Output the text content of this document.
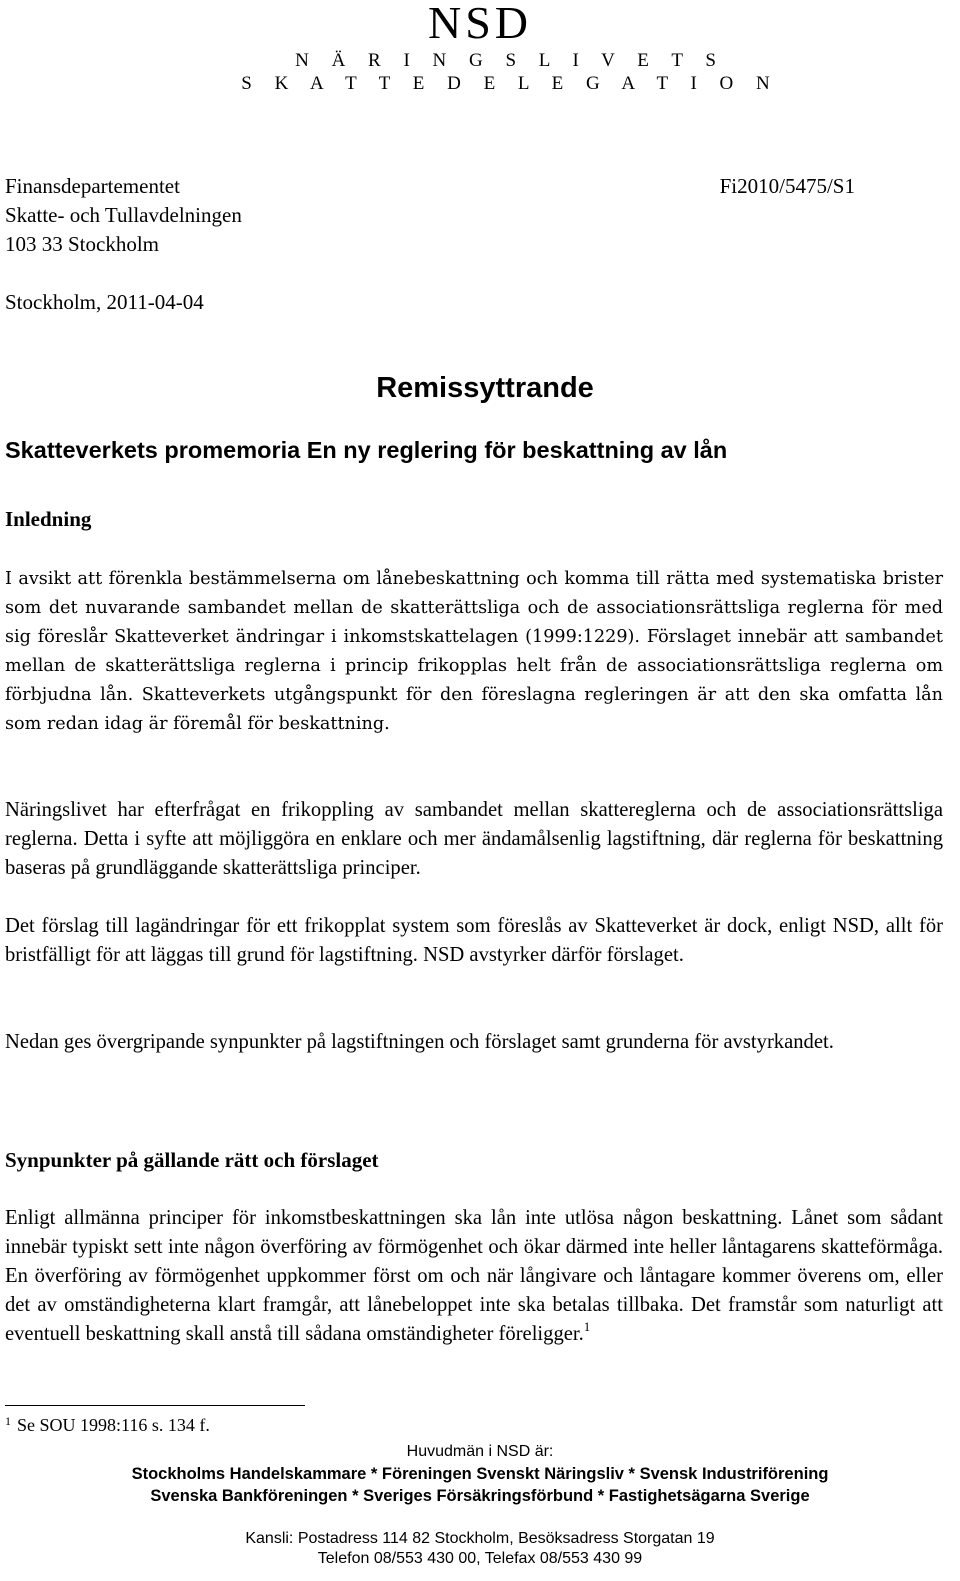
NSD
N Ä R I N G S L I V E T S
S K A T T E D E L E G A T I O N
Finansdepartementet
Skatte- och Tullavdelningen
103 33 Stockholm
Fi2010/5475/S1
Stockholm, 2011-04-04
Remissyttrande
Skatteverkets promemoria En ny reglering för beskattning av lån
Inledning

I avsikt att förenkla bestämmelserna om lånebeskattning och komma till rätta med systematiska brister som det nuvarande sambandet mellan de skatterättsliga och de associationsrättsliga reglerna för med sig föreslår Skatteverket ändringar i inkomstskattelagen (1999:1229). Förslaget innebär att sambandet mellan de skatterättsliga reglerna i princip frikopplas helt från de associationsrättsliga reglerna om förbjudna lån. Skatteverkets utgångspunkt för den föreslagna regleringen är att den ska omfatta lån som redan idag är föremål för beskattning.

Näringslivet har efterfrågat en frikoppling av sambandet mellan skattereglerna och de associationsrättsliga reglerna. Detta i syfte att möjliggöra en enklare och mer ändamålsenlig lagstiftning, där reglerna för beskattning baseras på grundläggande skatterättsliga principer.

Det förslag till lagändringar för ett frikopplat system som föreslås av Skatteverket är dock, enligt NSD, allt för bristfälligt för att läggas till grund för lagstiftning. NSD avstyrker därför förslaget.

Nedan ges övergripande synpunkter på lagstiftningen och förslaget samt grunderna för avstyrkandet.

Synpunkter på gällande rätt och förslaget

Enligt allmänna principer för inkomstbeskattningen ska lån inte utlösa någon beskattning. Lånet som sådant innebär typiskt sett inte någon överföring av förmögenhet och ökar därmed inte heller låntagarens skatteförmåga. En överföring av förmögenhet uppkommer först om och när långivare och låntagare kommer överens om, eller det av omständigheterna klart framgår, att lånebeloppet inte ska betalas tillbaka. Det framstår som naturligt att eventuell beskattning skall anstå till sådana omständigheter föreligger.$^1$

$^1$ Se SOU 1998:116 s. 134 f.
Huvudmän i NSD är:
Stockholms Handelskammare * Föreningen Svenskt Näringsliv * Svensk Industriförening
Svenska Bankföreningen * Sveriges Försäkringsförbund * Fastighetsägarna Sverige
Kansli: Postadress 114 82 Stockholm, Besöksadress Storgatan 19
Telefon 08/553 430 00, Telefax 08/553 430 99
